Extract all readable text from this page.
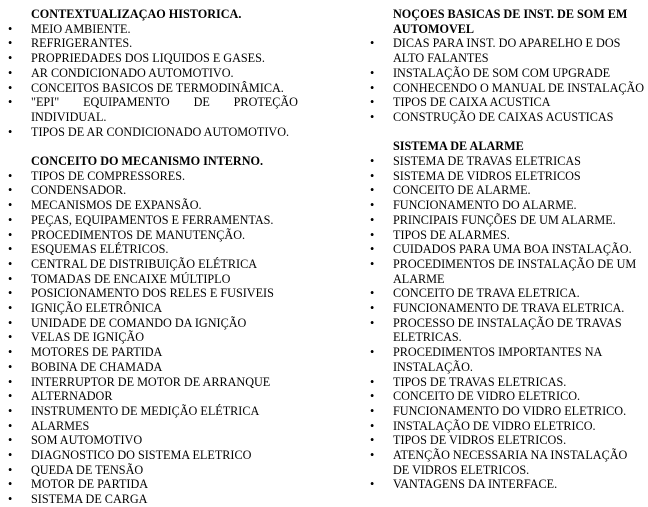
CONTEXTUALIZAÇAO HISTORICA.
• MEIO AMBIENTE.
• REFRIGERANTES.
• PROPRIEDADES DOS LIQUIDOS E GASES.
• AR CONDICIONADO AUTOMOTIVO.
• CONCEITOS BASICOS DE TERMODINÂMICA.
• "EPI" EQUIPAMENTO DE PROTEÇÃO
INDIVIDUAL.
• TIPOS DE AR CONDICIONADO AUTOMOTIVO.
CONCEITO DO MECANISMO INTERNO.
• TIPOS DE COMPRESSORES.
• CONDENSADOR.
• MECANISMOS DE EXPANSÃO.
• PEÇAS, EQUIPAMENTOS E FERRAMENTAS.
• PROCEDIMENTOS DE MANUTENÇÃO.
• ESQUEMAS ELÉTRICOS.
• CENTRAL DE DISTRIBUIÇÃO ELÉTRICA
• TOMADAS DE ENCAIXE MÚLTIPLO
• POSICIONAMENTO DOS RELES E FUSIVEIS
• IGNIÇÃO ELETRÔNICA
• UNIDADE DE COMANDO DA IGNIÇÃO
• VELAS DE IGNIÇÃO
• MOTORES DE PARTIDA
• BOBINA DE CHAMADA
• INTERRUPTOR DE MOTOR DE ARRANQUE
• ALTERNADOR
• INSTRUMENTO DE MEDIÇÃO ELÉTRICA
• ALARMES
• SOM AUTOMOTIVO
• DIAGNOSTICO DO SISTEMA ELETRICO
• QUEDA DE TENSÃO
• MOTOR DE PARTIDA
• SISTEMA DE CARGA
NOÇOES BASICAS DE INST. DE SOM EM AUTOMOVEL
• DICAS PARA INST. DO APARELHO E DOS ALTO FALANTES
• INSTALAÇÃO DE SOM COM UPGRADE
• CONHECENDO O MANUAL DE INSTALAÇÃO
• TIPOS DE CAIXA ACUSTICA
• CONSTRUÇÃO DE CAIXAS ACUSTICAS
SISTEMA DE ALARME
• SISTEMA DE TRAVAS ELETRICAS
• SISTEMA DE VIDROS ELETRICOS
• CONCEITO DE ALARME.
• FUNCIONAMENTO DO ALARME.
• PRINCIPAIS FUNÇÕES DE UM ALARME.
• TIPOS DE ALARMES.
• CUIDADOS PARA UMA BOA INSTALAÇÃO.
• PROCEDIMENTOS DE INSTALAÇÃO DE UM ALARME
• CONCEITO DE TRAVA ELETRICA.
• FUNCIONAMENTO DE TRAVA ELETRICA.
• PROCESSO DE INSTALAÇÃO DE TRAVAS ELETRICAS.
• PROCEDIMENTOS IMPORTANTES NA INSTALAÇÃO.
• TIPOS DE TRAVAS ELETRICAS.
• CONCEITO DE VIDRO ELETRICO.
• FUNCIONAMENTO DO VIDRO ELETRICO.
• INSTALAÇÃO DE VIDRO ELETRICO.
• TIPOS DE VIDROS ELETRICOS.
• ATENÇÃO NECESSARIA NA INSTALAÇÃO DE VIDROS ELETRICOS.
• VANTAGENS DA INTERFACE.
